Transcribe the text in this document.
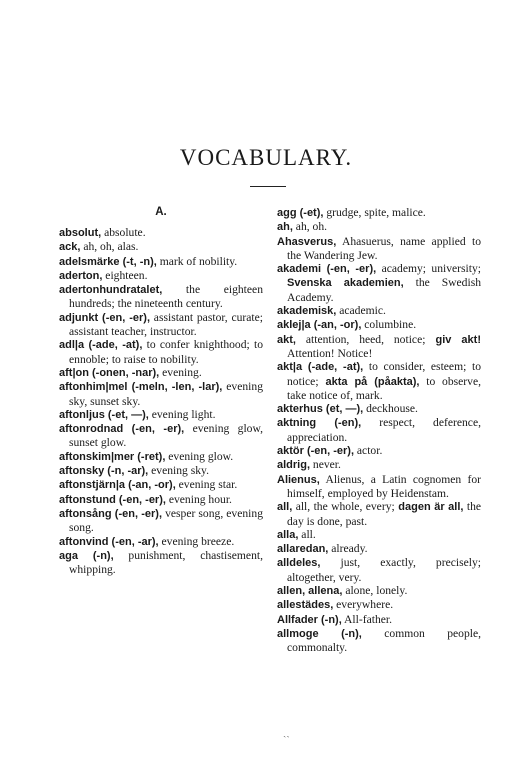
VOCABULARY.
A.

absolut, absolute.

ack, ah, oh, alas.

adelsmärke (-t, -n), mark of nobility.

aderton, eighteen.

adertonhundratalet, the eighteen hundreds; the nineteenth century.

adjunkt (-en, -er), assistant pastor, curate; assistant teacher, instructor.

adl|a (-ade, -at), to confer knighthood; to ennoble; to raise to nobility.

aft|on (-onen, -nar), evening.

aftonhim|mel (-meln, -len, -lar), evening sky, sunset sky.

aftonljus (-et, —), evening light.

aftonrodnad (-en, -er), evening glow, sunset glow.

aftonskim|mer (-ret), evening glow.

aftonsky (-n, -ar), evening sky.

aftonstjärn|a (-an, -or), evening star.

aftonstund (-en, -er), evening hour.

aftonsång (-en, -er), vesper song, evening song.

aftonvind (-en, -ar), evening breeze.

aga (-n), punishment, chastisement, whipping.

agg (-et), grudge, spite, malice.

ah, ah, oh.

Ahasverus, Ahasuerus, name applied to the Wandering Jew.

akademi (-en, -er), academy; university; Svenska akademien, the Swedish Academy.

akademisk, academic.

aklej|a (-an, -or), columbine.

akt, attention, heed, notice; giv akt! Attention! Notice!

akt|a (-ade, -at), to consider, esteem; to notice; akta på (påakta), to observe, take notice of, mark.

akterhus (et, —), deckhouse.

aktning (-en), respect, deference, appreciation.

aktör (-en, -er), actor.

aldrig, never.

Alienus, Alienus, a Latin cognomen for himself, employed by Heidenstam.

all, all, the whole, every; dagen är all, the day is done, past.

alla, all.

allaredan, already.

alldeles, just, exactly, precisely; altogether, very.

allen, allena, alone, lonely.

allestädes, everywhere.

Allfader (-n), All-father.

allmoge (-n), common people, commonalty.

ˏˎ
